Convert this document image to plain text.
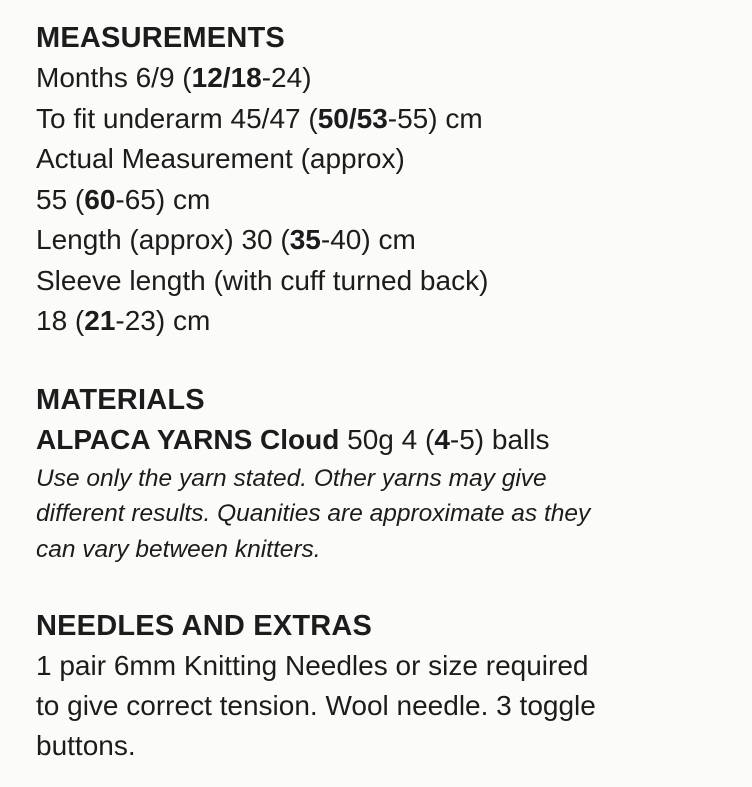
MEASUREMENTS

Months 6/9 (12/18-24)

To fit underarm 45/47 (50/53-55) cm

Actual Measurement (approx)

55 (60-65) cm

Length (approx) 30 (35-40) cm

Sleeve length (with cuff turned back)

18 (21-23) cm

MATERIALS

ALPACA YARNS Cloud 50g 4 (4-5) balls

Use only the yarn stated. Other yarns may give

different results. Quanities are approximate as they

can vary between knitters.

NEEDLES AND EXTRAS

1 pair 6mm Knitting Needles or size required

to give correct tension. Wool needle. 3 toggle

buttons.
